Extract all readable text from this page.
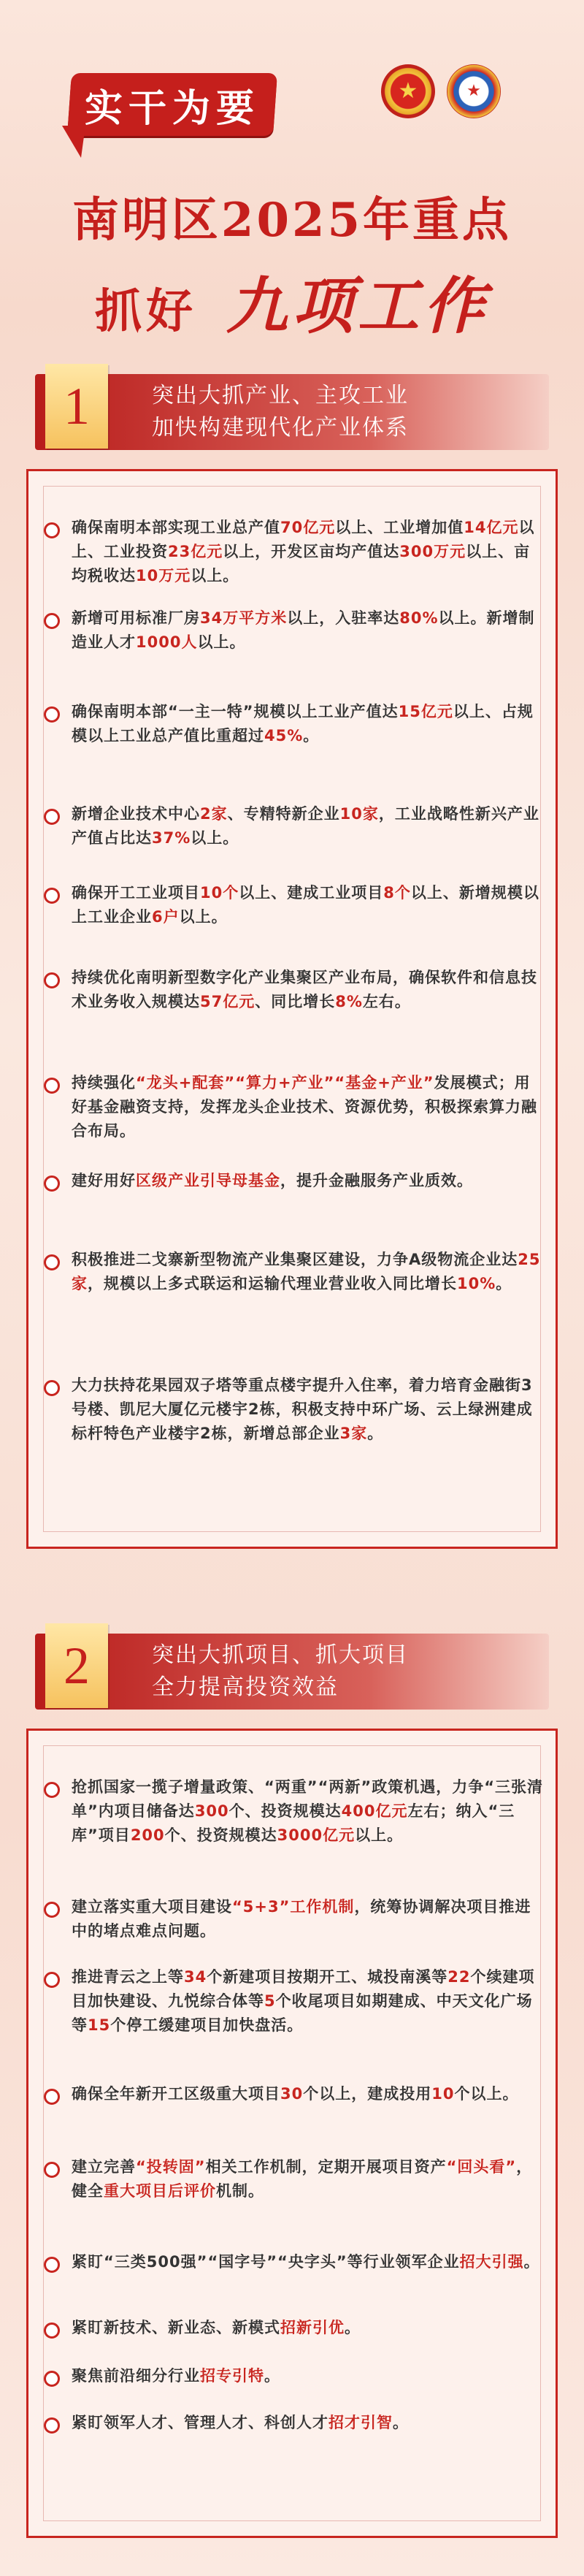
实干为要	★	★
南明区2025年重点
抓好 九项工作
1	突出大抓产业、主攻工业
加快构建现代化产业体系
确保南明本部实现工业总产值70亿元以上、工业增加值14亿元以上、工业投资23亿元以上，开发区亩均产值达300万元以上、亩均税收达10万元以上。
新增可用标准厂房34万平方米以上，入驻率达80%以上。新增制造业人才1000人以上。
确保南明本部“一主一特”规模以上工业产值达15亿元以上、占规模以上工业总产值比重超过45%。
新增企业技术中心2家、专精特新企业10家，工业战略性新兴产业产值占比达37%以上。
确保开工工业项目10个以上、建成工业项目8个以上、新增规模以上工业企业6户以上。
持续优化南明新型数字化产业集聚区产业布局，确保软件和信息技术业务收入规模达57亿元、同比增长8%左右。
持续强化“龙头+配套”“算力+产业”“基金+产业”发展模式；用好基金融资支持，发挥龙头企业技术、资源优势，积极探索算力融合布局。
建好用好区级产业引导母基金，提升金融服务产业质效。
积极推进二戈寨新型物流产业集聚区建设，力争A级物流企业达25家，规模以上多式联运和运输代理业营业收入同比增长10%。
大力扶持花果园双子塔等重点楼宇提升入住率，着力培育金融街3号楼、凯尼大厦亿元楼宇2栋，积极支持中环广场、云上绿洲建成标杆特色产业楼宇2栋，新增总部企业3家。
2	突出大抓项目、抓大项目
全力提高投资效益
抢抓国家一揽子增量政策、“两重”“两新”政策机遇，力争“三张清单”内项目储备达300个、投资规模达400亿元左右；纳入“三库”项目200个、投资规模达3000亿元以上。
建立落实重大项目建设“5+3”工作机制，统筹协调解决项目推进中的堵点难点问题。
推进青云之上等34个新建项目按期开工、城投南溪等22个续建项目加快建设、九悦综合体等5个收尾项目如期建成、中天文化广场等15个停工缓建项目加快盘活。
确保全年新开工区级重大项目30个以上，建成投用10个以上。
建立完善“投转固”相关工作机制，定期开展项目资产“回头看”，健全重大项目后评价机制。
紧盯“三类500强”“国字号”“央字头”等行业领军企业招大引强。
紧盯新技术、新业态、新模式招新引优。
聚焦前沿细分行业招专引特。
紧盯领军人才、管理人才、科创人才招才引智。
